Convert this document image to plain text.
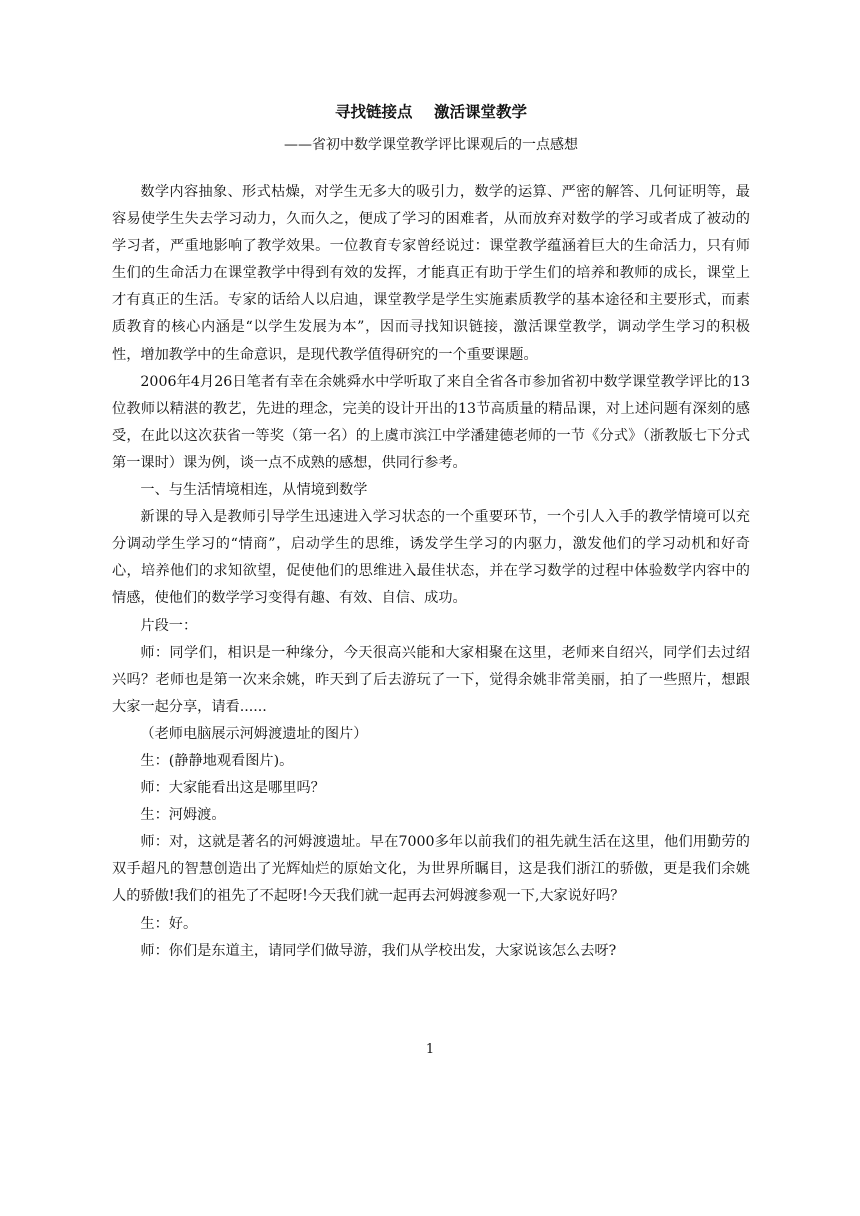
寻找链接点    激活课堂教学
——省初中数学课堂教学评比课观后的一点感想

数学内容抽象、形式枯燥，对学生无多大的吸引力，数学的运算、严密的解答、几何证明等，最容易使学生失去学习动力，久而久之，便成了学习的困难者，从而放弃对数学的学习或者成了被动的学习者，严重地影响了教学效果。一位教育专家曾经说过：课堂教学蕴涵着巨大的生命活力，只有师生们的生命活力在课堂教学中得到有效的发挥，才能真正有助于学生们的培养和教师的成长，课堂上才有真正的生活。专家的话给人以启迪，课堂教学是学生实施素质教学的基本途径和主要形式，而素质教育的核心内涵是“以学生发展为本”，因而寻找知识链接，激活课堂教学，调动学生学习的积极性，增加教学中的生命意识，是现代教学值得研究的一个重要课题。

2006年4月26日笔者有幸在余姚舜水中学听取了来自全省各市参加省初中数学课堂教学评比的13位教师以精湛的教艺，先进的理念，完美的设计开出的13节高质量的精品课，对上述问题有深刻的感受，在此以这次获省一等奖（第一名）的上虞市滨江中学潘建德老师的一节《分式》（浙教版七下分式第一课时）课为例，谈一点不成熟的感想，供同行参考。

一、与生活情境相连，从情境到数学

新课的导入是教师引导学生迅速进入学习状态的一个重要环节，一个引人入手的教学情境可以充分调动学生学习的“情商”，启动学生的思维，诱发学生学习的内驱力，激发他们的学习动机和好奇心，培养他们的求知欲望，促使他们的思维进入最佳状态，并在学习数学的过程中体验数学内容中的情感，使他们的数学学习变得有趣、有效、自信、成功。

片段一：

师：同学们，相识是一种缘分，今天很高兴能和大家相聚在这里，老师来自绍兴，同学们去过绍兴吗？老师也是第一次来余姚，昨天到了后去游玩了一下，觉得余姚非常美丽，拍了一些照片，想跟大家一起分享，请看......

（老师电脑展示河姆渡遗址的图片）

生：(静静地观看图片)。

师：大家能看出这是哪里吗？

生：河姆渡。

师：对，这就是著名的河姆渡遗址。早在7000多年以前我们的祖先就生活在这里，他们用勤劳的双手超凡的智慧创造出了光辉灿烂的原始文化，为世界所瞩目，这是我们浙江的骄傲，更是我们余姚人的骄傲!我们的祖先了不起呀!今天我们就一起再去河姆渡参观一下,大家说好吗？

生：好。

师：你们是东道主，请同学们做导游，我们从学校出发，大家说该怎么去呀?

1
